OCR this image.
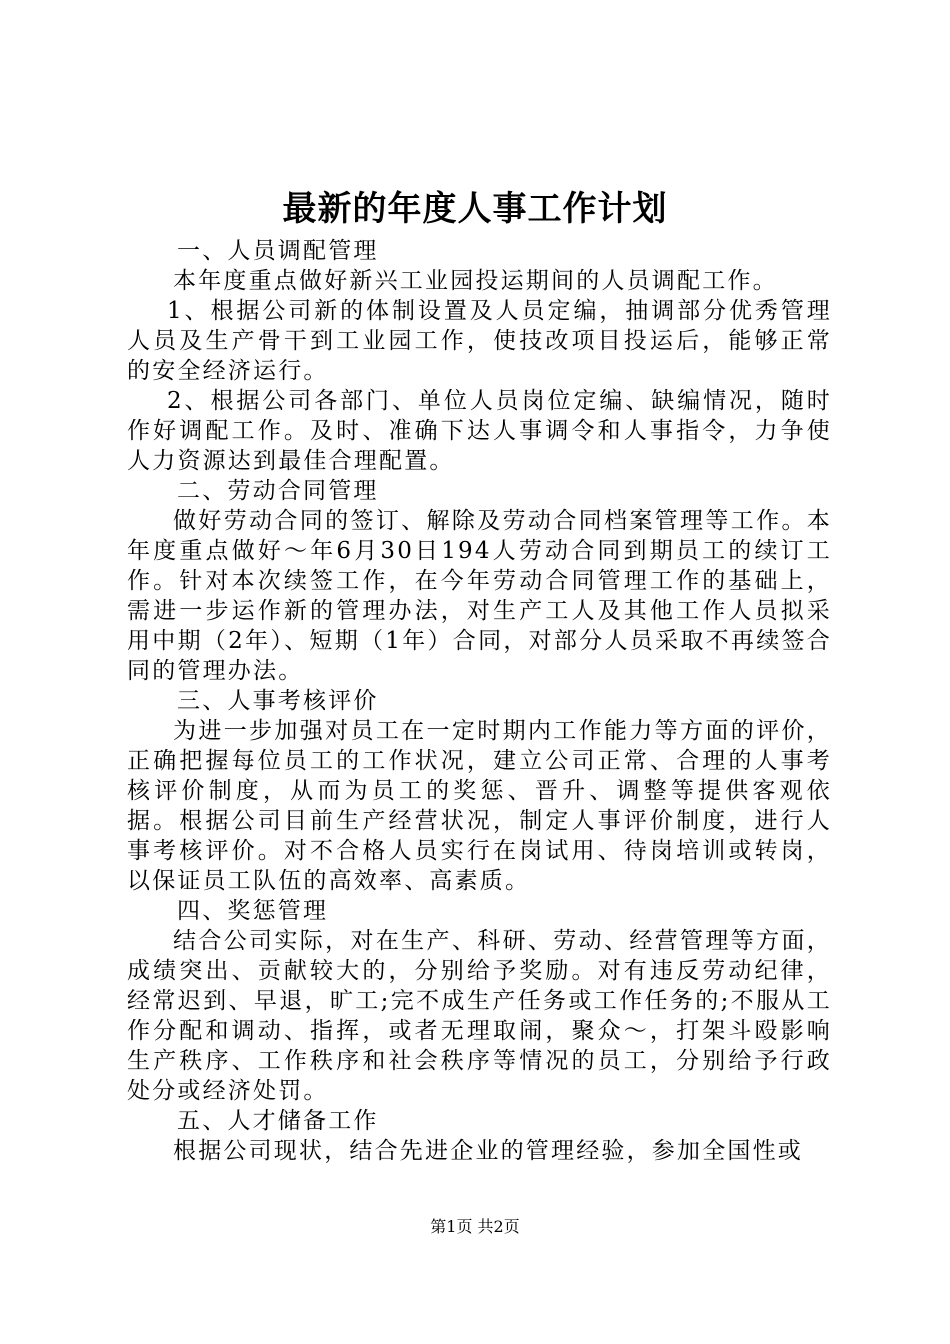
最新的年度人事工作计划

一、人员调配管理

本年度重点做好新兴工业园投运期间的人员调配工作。

1、根据公司新的体制设置及人员定编，抽调部分优秀管理人员及生产骨干到工业园工作，使技改项目投运后，能够正常的安全经济运行。

2、根据公司各部门、单位人员岗位定编、缺编情况，随时作好调配工作。及时、准确下达人事调令和人事指令，力争使人力资源达到最佳合理配置。

二、劳动合同管理

做好劳动合同的签订、解除及劳动合同档案管理等工作。本年度重点做好～年6月30日194人劳动合同到期员工的续订工作。针对本次续签工作，在今年劳动合同管理工作的基础上，需进一步运作新的管理办法，对生产工人及其他工作人员拟采用中期（2年）、短期（1年）合同，对部分人员采取不再续签合同的管理办法。

三、人事考核评价

为进一步加强对员工在一定时期内工作能力等方面的评价，正确把握每位员工的工作状况，建立公司正常、合理的人事考核评价制度，从而为员工的奖惩、晋升、调整等提供客观依据。根据公司目前生产经营状况，制定人事评价制度，进行人事考核评价。对不合格人员实行在岗试用、待岗培训或转岗，以保证员工队伍的高效率、高素质。

四、奖惩管理

结合公司实际，对在生产、科研、劳动、经营管理等方面，成绩突出、贡献较大的，分别给予奖励。对有违反劳动纪律，经常迟到、早退，旷工;完不成生产任务或工作任务的;不服从工作分配和调动、指挥，或者无理取闹，聚众～，打架斗殴影响生产秩序、工作秩序和社会秩序等情况的员工，分别给予行政处分或经济处罚。

五、人才储备工作

根据公司现状，结合先进企业的管理经验，参加全国性或

第1页 共2页
